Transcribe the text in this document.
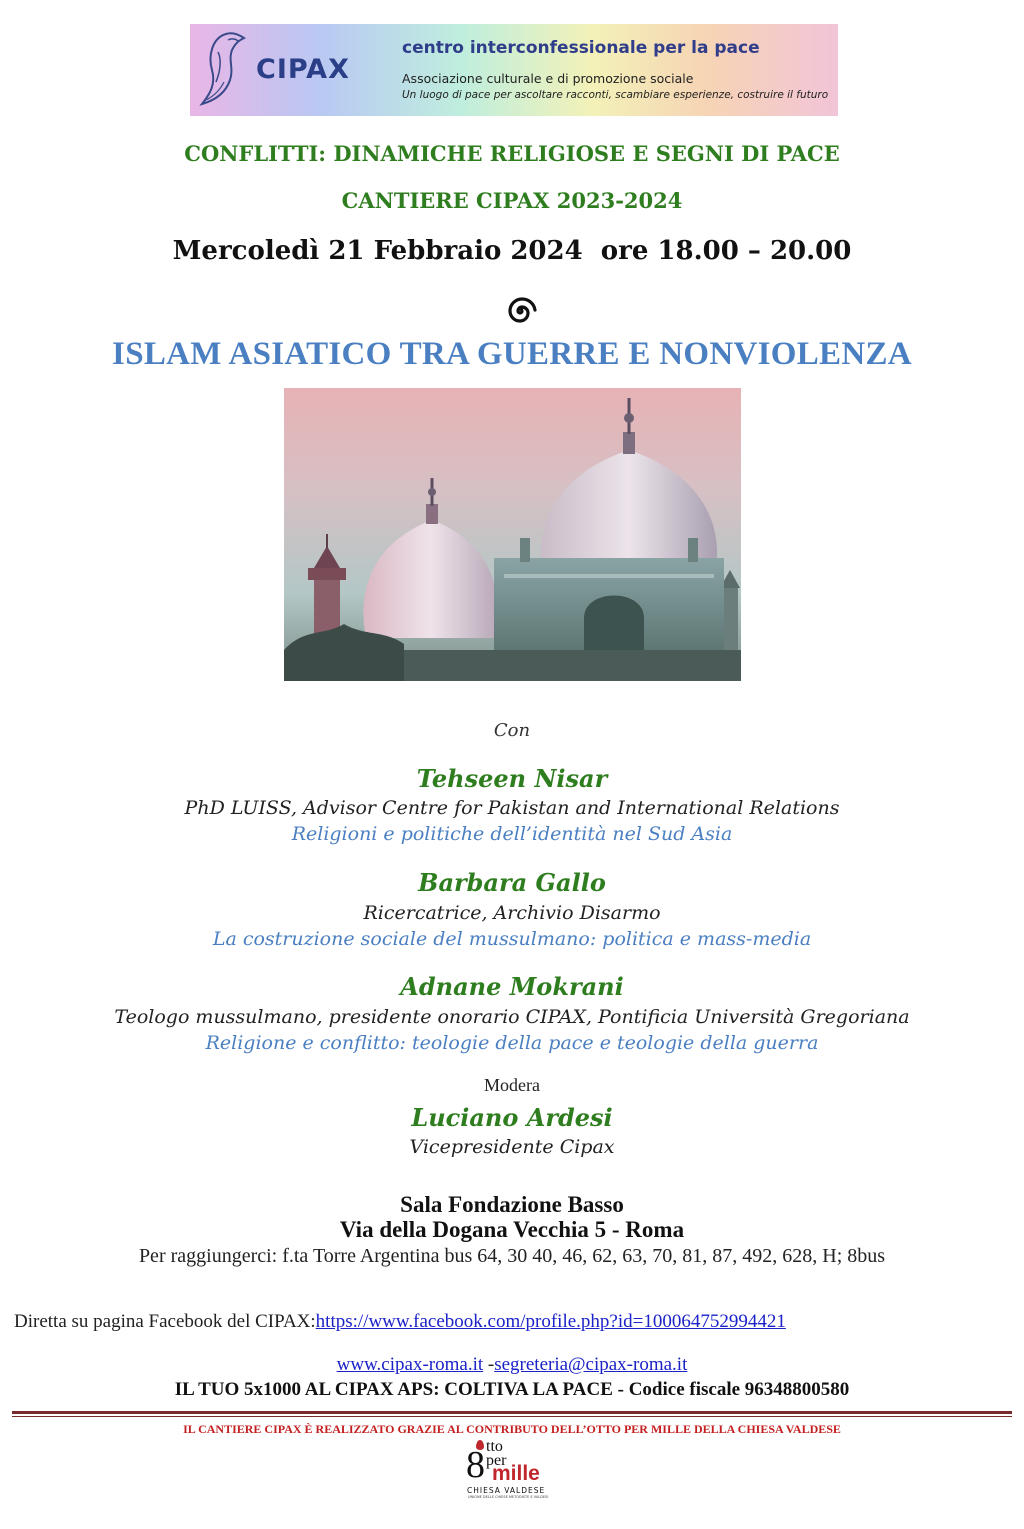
CIPAX
centro interconfessionale per la pace
Associazione culturale e di promozione sociale
Un luogo di pace per ascoltare racconti, scambiare esperienze, costruire il futuro
CONFLITTI: DINAMICHE RELIGIOSE E SEGNI DI PACE
CANTIERE CIPAX 2023-2024
Mercoledì 21 Febbraio 2024  ore 18.00 – 20.00
ISLAM ASIATICO TRA GUERRE E NONVIOLENZA
Con
Tehseen Nisar
PhD LUISS, Advisor Centre for Pakistan and International Relations
Religioni e politiche dell’identità nel Sud Asia
Barbara Gallo
Ricercatrice, Archivio Disarmo
La costruzione sociale del mussulmano: politica e mass-media
Adnane Mokrani
Teologo mussulmano, presidente onorario CIPAX, Pontificia Università Gregoriana
Religione e conflitto: teologie della pace e teologie della guerra
Modera
Luciano Ardesi
Vicepresidente Cipax
Sala Fondazione Basso
Via della Dogana Vecchia 5 - Roma
Per raggiungerci: f.ta Torre Argentina bus 64, 30 40, 46, 62, 63, 70, 81, 87, 492, 628, H; 8bus
Diretta su pagina Facebook del CIPAX:https://www.facebook.com/profile.php?id=100064752994421
www.cipax-roma.it -segreteria@cipax-roma.it
IL TUO 5x1000 AL CIPAX APS: COLTIVA LA PACE - Codice fiscale 96348800580
IL CANTIERE CIPAX È REALIZZATO GRAZIE AL CONTRIBUTO DELL’OTTO PER MILLE DELLA CHIESA VALDESE
8 tto
per
mille
CHIESA VALDESE
UNIONE DELLE CHIESE METODISTE E VALDESI
